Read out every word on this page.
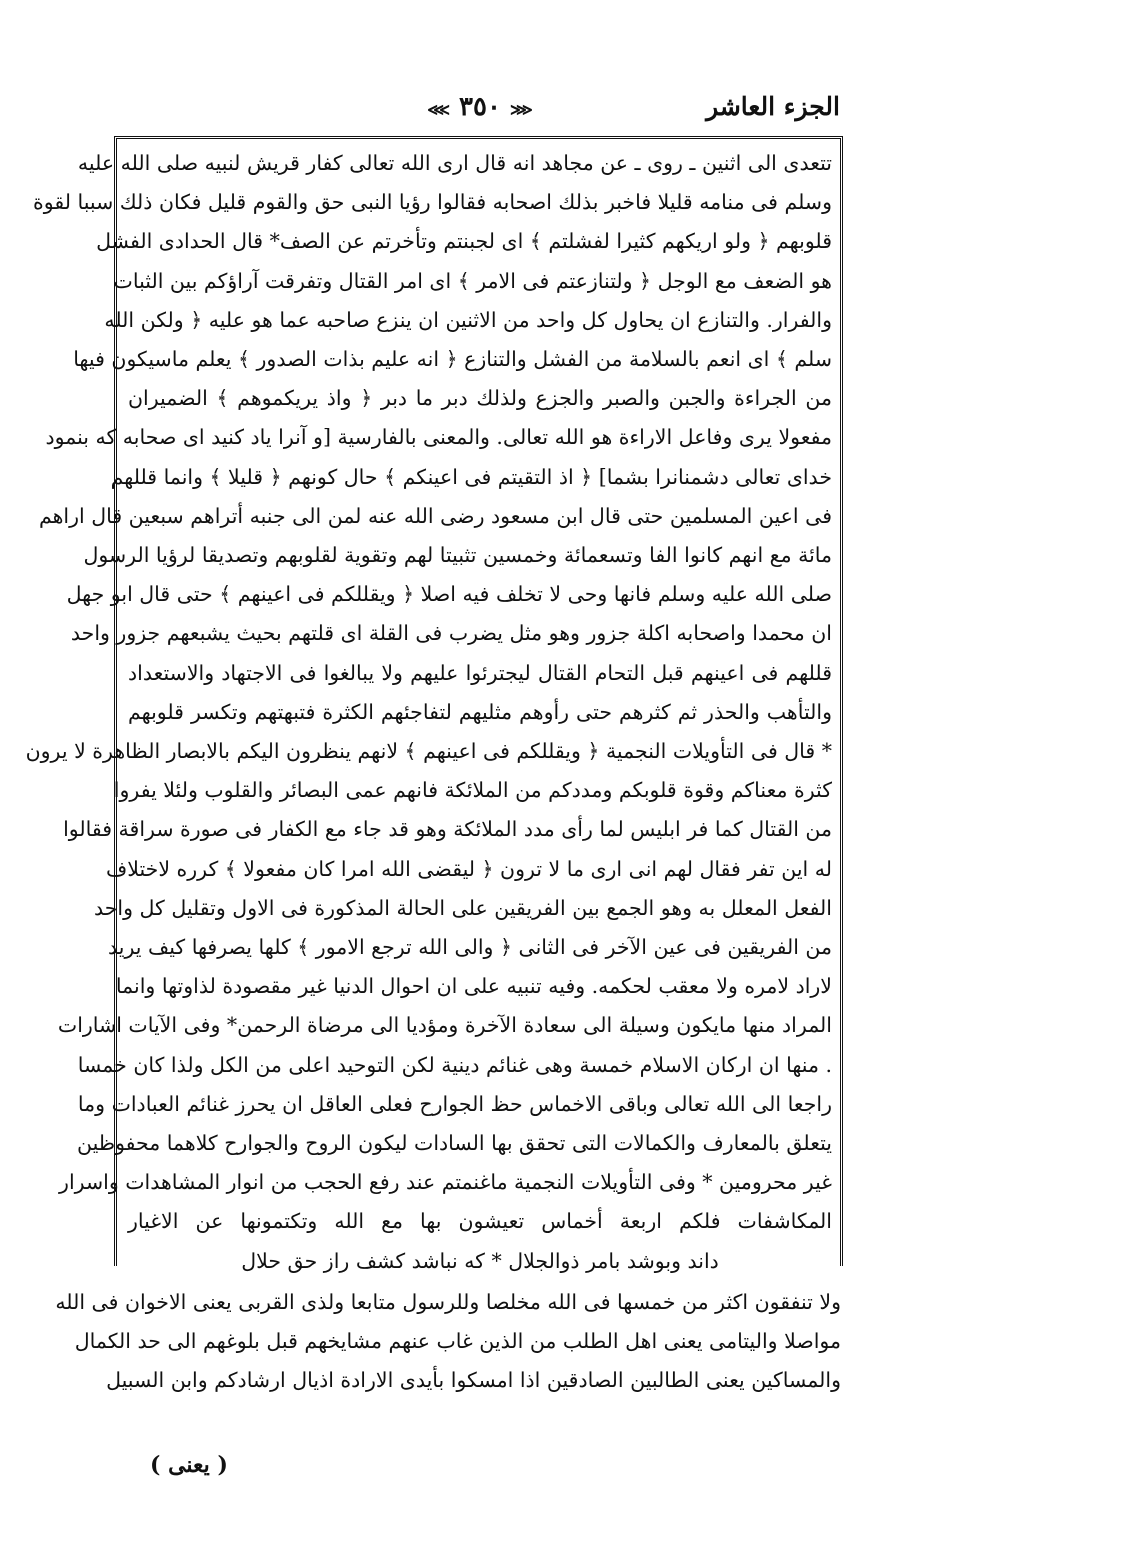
الجزء العاشر
⋘ ٣٥٠ ⋙
تتعدى الى اثنين ـ روى ـ عن مجاهد انه قال ارى الله تعالى كفار قريش لنبيه صلى الله عليه
وسلم فى منامه قليلا فاخبر بذلك اصحابه فقالوا رؤيا النبى حق والقوم قليل فكان ذلك سببا لقوة
قلوبهم ﴿ ولو اريكهم كثيرا لفشلتم ﴾ اى لجبنتم وتأخرتم عن الصف* قال الحدادى الفشل
هو الضعف مع الوجل ﴿ ولتنازعتم فى الامر ﴾ اى امر القتال وتفرقت آراؤكم بين الثبات
والفرار. والتنازع ان يحاول كل واحد من الاثنين ان ينزع صاحبه عما هو عليه ﴿ ولكن الله
سلم ﴾ اى انعم بالسلامة من الفشل والتنازع ﴿ انه عليم بذات الصدور ﴾ يعلم ماسيكون فيها
من الجراءة والجبن والصبر والجزع ولذلك دبر ما دبر ﴿ واذ يريكموهم ﴾ الضميران
مفعولا يرى وفاعل الاراءة هو الله تعالى. والمعنى بالفارسية [و آنرا ياد كنيد اى صحابه كه بنمود
خداى تعالى دشمنانرا بشما] ﴿ اذ التقيتم فى اعينكم ﴾ حال كونهم ﴿ قليلا ﴾ وانما قللهم
فى اعين المسلمين حتى قال ابن مسعود رضى الله عنه لمن الى جنبه أتراهم سبعين قال اراهم
مائة مع انهم كانوا الفا وتسعمائة وخمسين تثبيتا لهم وتقوية لقلوبهم وتصديقا لرؤيا الرسول
صلى الله عليه وسلم فانها وحى لا تخلف فيه اصلا ﴿ ويقللكم فى اعينهم ﴾ حتى قال ابو جهل
ان محمدا واصحابه اكلة جزور وهو مثل يضرب فى القلة اى قلتهم بحيث يشبعهم جزور واحد
قللهم فى اعينهم قبل التحام القتال ليجترئوا عليهم ولا يبالغوا فى الاجتهاد والاستعداد
والتأهب والحذر ثم كثرهم حتى رأوهم مثليهم لتفاجئهم الكثرة فتبهتهم وتكسر قلوبهم
* قال فى التأويلات النجمية ﴿ ويقللكم فى اعينهم ﴾ لانهم ينظرون اليكم بالابصار الظاهرة لا يرون
كثرة معناكم وقوة قلوبكم ومددكم من الملائكة فانهم عمى البصائر والقلوب ولئلا يفروا
من القتال كما فر ابليس لما رأى مدد الملائكة وهو قد جاء مع الكفار فى صورة سراقة فقالوا
له اين تفر فقال لهم انى ارى ما لا ترون ﴿ ليقضى الله امرا كان مفعولا ﴾ كرره لاختلاف
الفعل المعلل به وهو الجمع بين الفريقين على الحالة المذكورة فى الاول وتقليل كل واحد
من الفريقين فى عين الآخر فى الثانى ﴿ والى الله ترجع الامور ﴾ كلها يصرفها كيف يريد
لاراد لامره ولا معقب لحكمه. وفيه تنبيه على ان احوال الدنيا غير مقصودة لذاوتها وانما
المراد منها مايكون وسيلة الى سعادة الآخرة ومؤديا الى مرضاة الرحمن* وفى الآيات اشارات
. منها ان اركان الاسلام خمسة وهى غنائم دينية لكن التوحيد اعلى من الكل ولذا كان خمسا
راجعا الى الله تعالى وباقى الاخماس حظ الجوارح فعلى العاقل ان يحرز غنائم العبادات وما
يتعلق بالمعارف والكمالات التى تحقق بها السادات ليكون الروح والجوارح كلاهما محفوظين
غير محرومين * وفى التأويلات النجمية ماغنمتم عند رفع الحجب من انوار المشاهدات واسرار
المكاشفات فلكم اربعة أخماس تعيشون بها مع الله وتكتمونها عن الاغيار
داند وبوشد بامر ذوالجلال * كه نباشد كشف راز حق حلال
ولا تنفقون اكثر من خمسها فى الله مخلصا وللرسول متابعا ولذى القربى يعنى الاخوان فى الله
مواصلا واليتامى يعنى اهل الطلب من الذين غاب عنهم مشايخهم قبل بلوغهم الى حد الكمال
والمساكين يعنى الطالبين الصادقين اذا امسكوا بأيدى الارادة اذيال ارشادكم وابن السبيل
( يعنى )
